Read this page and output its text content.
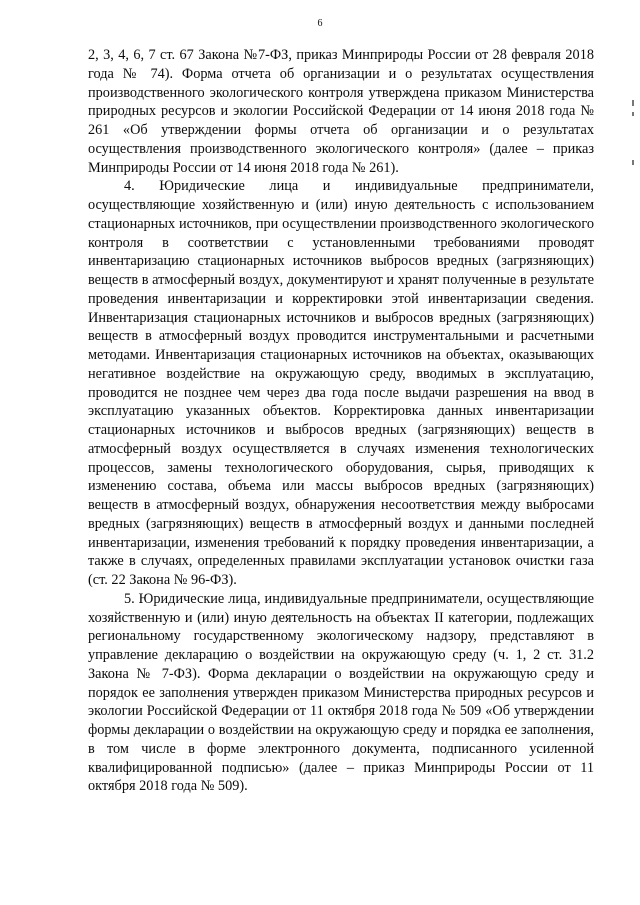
6

2, 3, 4, 6, 7 ст. 67 Закона №7-ФЗ, приказ Минприроды России от 28 февраля 2018 года № 74). Форма отчета об организации и о результатах осуществления производственного экологического контроля утверждена приказом Министерства природных ресурсов и экологии Российской Федерации от 14 июня 2018 года № 261 «Об утверждении формы отчета об организации и о результатах осуществления производственного экологического контроля» (далее – приказ Минприроды России от 14 июня 2018 года № 261).

4. Юридические лица и индивидуальные предприниматели, осуществляющие хозяйственную и (или) иную деятельность с использованием стационарных источников, при осуществлении производственного экологического контроля в соответствии с установленными требованиями проводят инвентаризацию стационарных источников выбросов вредных (загрязняющих) веществ в атмосферный воздух, документируют и хранят полученные в результате проведения инвентаризации и корректировки этой инвентаризации сведения. Инвентаризация стационарных источников и выбросов вредных (загрязняющих) веществ в атмосферный воздух проводится инструментальными и расчетными методами. Инвентаризация стационарных источников на объектах, оказывающих негативное воздействие на окружающую среду, вводимых в эксплуатацию, проводится не позднее чем через два года после выдачи разрешения на ввод в эксплуатацию указанных объектов. Корректировка данных инвентаризации стационарных источников и выбросов вредных (загрязняющих) веществ в атмосферный воздух осуществляется в случаях изменения технологических процессов, замены технологического оборудования, сырья, приводящих к изменению состава, объема или массы выбросов вредных (загрязняющих) веществ в атмосферный воздух, обнаружения несоответствия между выбросами вредных (загрязняющих) веществ в атмосферный воздух и данными последней инвентаризации, изменения требований к порядку проведения инвентаризации, а также в случаях, определенных правилами эксплуатации установок очистки газа (ст. 22 Закона № 96-ФЗ).

5. Юридические лица, индивидуальные предприниматели, осуществляющие хозяйственную и (или) иную деятельность на объектах II категории, подлежащих региональному государственному экологическому надзору, представляют в управление декларацию о воздействии на окружающую среду (ч. 1, 2 ст. 31.2 Закона № 7-ФЗ). Форма декларации о воздействии на окружающую среду и порядок ее заполнения утвержден приказом Министерства природных ресурсов и экологии Российской Федерации от 11 октября 2018 года № 509 «Об утверждении формы декларации о воздействии на окружающую среду и порядка ее заполнения, в том числе в форме электронного документа, подписанного усиленной квалифицированной подписью» (далее – приказ Минприроды России от 11 октября 2018 года № 509).
